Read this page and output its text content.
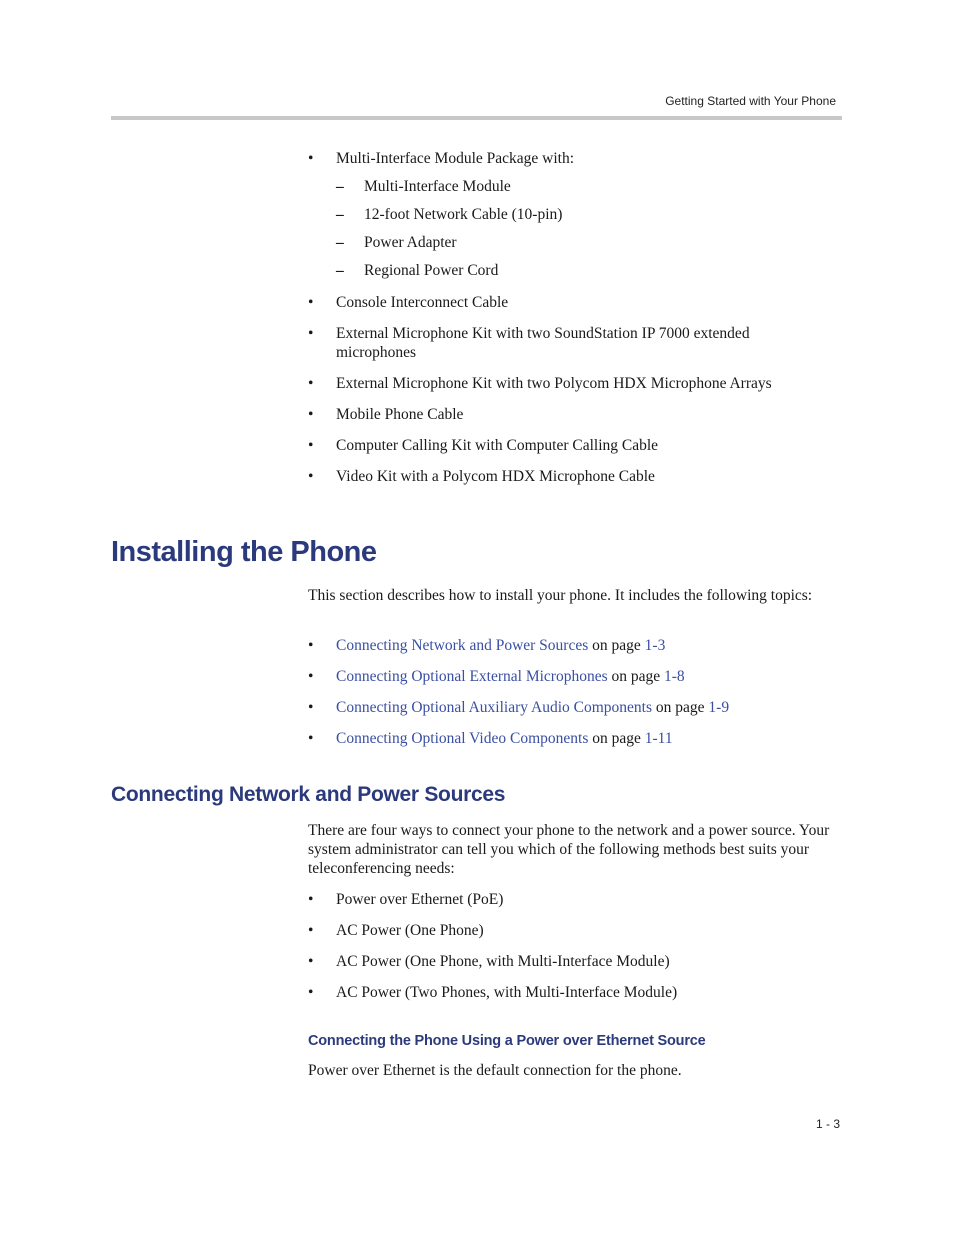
Getting Started with Your Phone
• Multi-Interface Module Package with:
– Multi-Interface Module
– 12-foot Network Cable (10-pin)
– Power Adapter
– Regional Power Cord
• Console Interconnect Cable
• External Microphone Kit with two SoundStation IP 7000 extended microphones
• External Microphone Kit with two Polycom HDX Microphone Arrays
• Mobile Phone Cable
• Computer Calling Kit with Computer Calling Cable
• Video Kit with a Polycom HDX Microphone Cable
Installing the Phone
This section describes how to install your phone. It includes the following topics:
• Connecting Network and Power Sources on page 1-3
• Connecting Optional External Microphones on page 1-8
• Connecting Optional Auxiliary Audio Components on page 1-9
• Connecting Optional Video Components on page 1-11
Connecting Network and Power Sources
There are four ways to connect your phone to the network and a power source. Your system administrator can tell you which of the following methods best suits your teleconferencing needs:
• Power over Ethernet (PoE)
• AC Power (One Phone)
• AC Power (One Phone, with Multi-Interface Module)
• AC Power (Two Phones, with Multi-Interface Module)
Connecting the Phone Using a Power over Ethernet Source
Power over Ethernet is the default connection for the phone.
1 - 3
